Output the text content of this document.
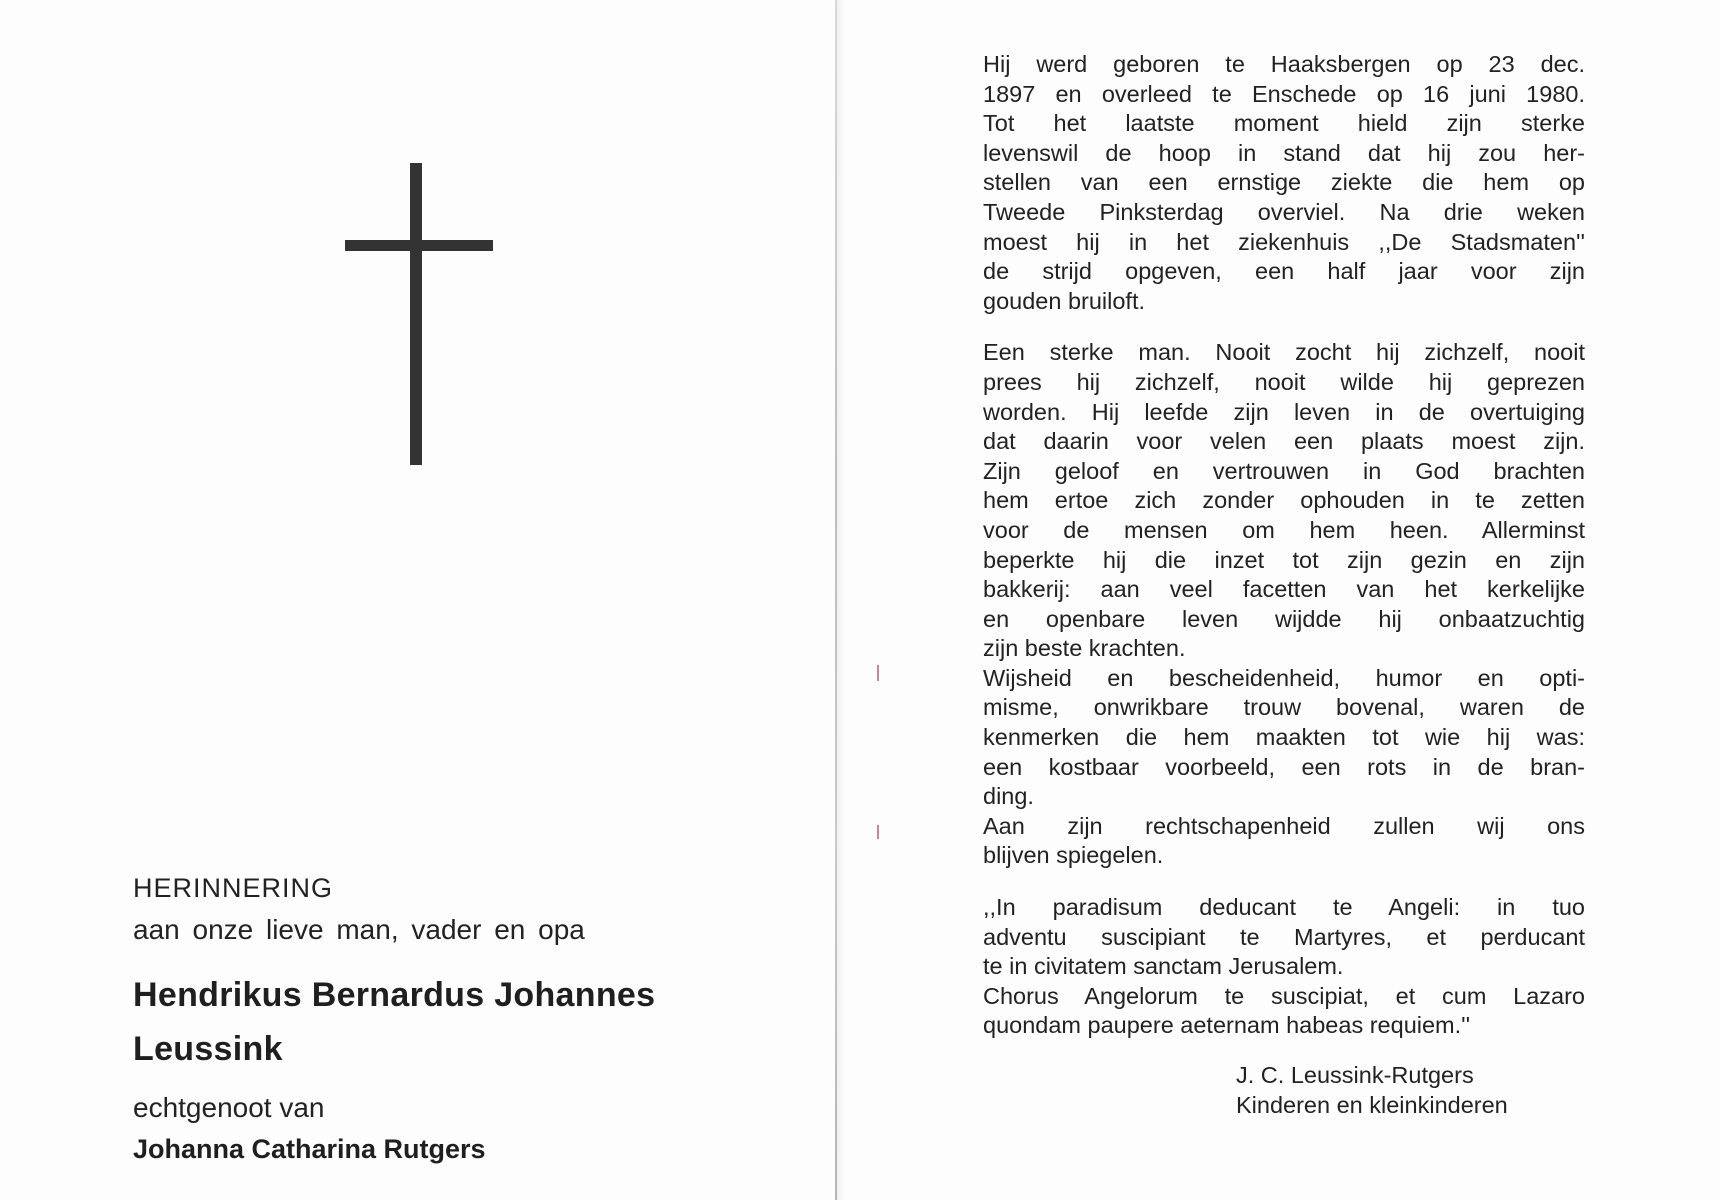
HERINNERING
aan onze lieve man, vader en opa
Hendrikus Bernardus Johannes
Leussink
echtgenoot van
Johanna Catharina Rutgers
Hij werd geboren te Haaksbergen op 23 dec.
1897 en overleed te Enschede op 16 juni 1980.
Tot het laatste moment hield zijn sterke
levenswil de hoop in stand dat hij zou her-
stellen van een ernstige ziekte die hem op
Tweede Pinksterdag overviel. Na drie weken
moest hij in het ziekenhuis ,,De Stadsmaten''
de strijd opgeven, een half jaar voor zijn
gouden bruiloft.
Een sterke man. Nooit zocht hij zichzelf, nooit
prees hij zichzelf, nooit wilde hij geprezen
worden. Hij leefde zijn leven in de overtuiging
dat daarin voor velen een plaats moest zijn.
Zijn geloof en vertrouwen in God brachten
hem ertoe zich zonder ophouden in te zetten
voor de mensen om hem heen. Allerminst
beperkte hij die inzet tot zijn gezin en zijn
bakkerij: aan veel facetten van het kerkelijke
en openbare leven wijdde hij onbaatzuchtig
zijn beste krachten.
Wijsheid en bescheidenheid, humor en opti-
misme, onwrikbare trouw bovenal, waren de
kenmerken die hem maakten tot wie hij was:
een kostbaar voorbeeld, een rots in de bran-
ding.
Aan zijn rechtschapenheid zullen wij ons
blijven spiegelen.
,,In paradisum deducant te Angeli: in tuo
adventu suscipiant te Martyres, et perducant
te in civitatem sanctam Jerusalem.
Chorus Angelorum te suscipiat, et cum Lazaro
quondam paupere aeternam habeas requiem.''
J. C. Leussink-Rutgers
Kinderen en kleinkinderen
